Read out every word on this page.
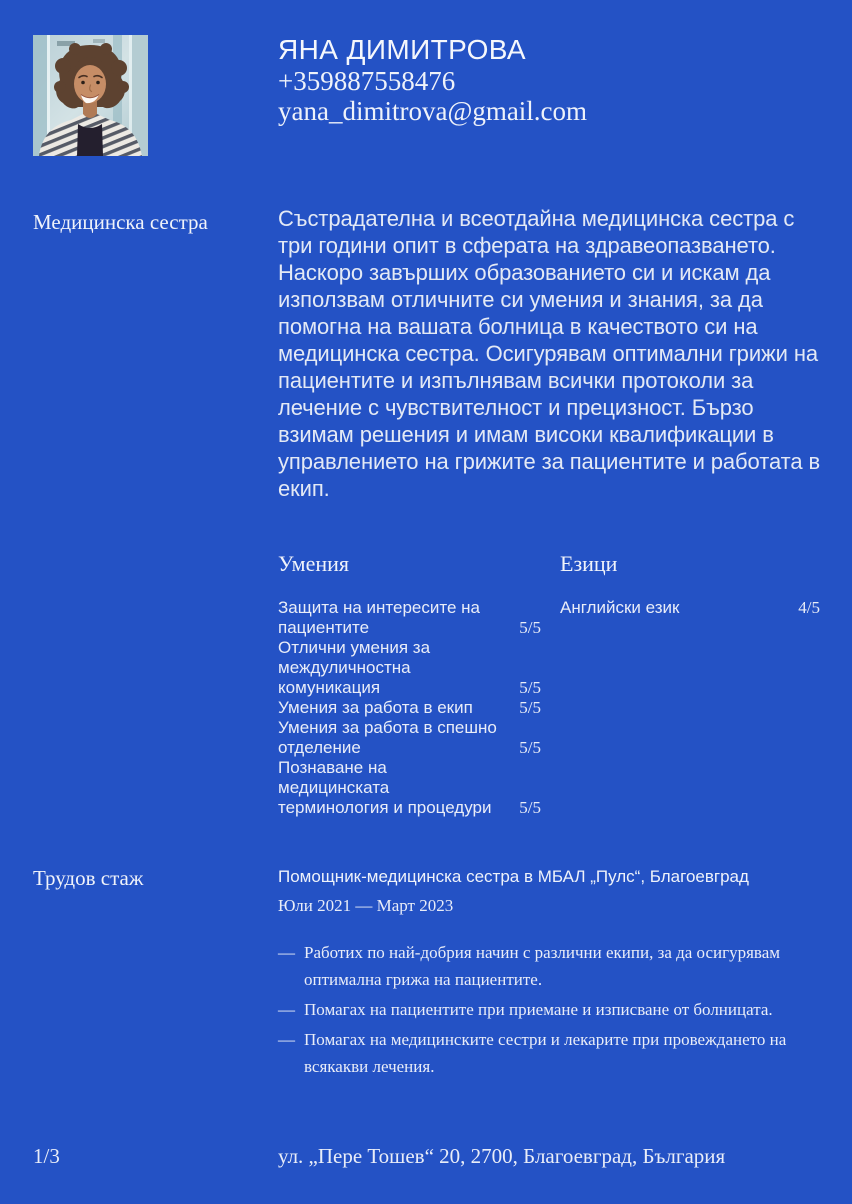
ЯНА ДИМИТРОВА
+359887558476
yana_dimitrova@gmail.com
Медицинска сестра	Състрадателна и всеотдайна медицинска сестра с три години опит в сферата на здравеопазването. Наскоро завърших образованието си и искам да използвам отличните си умения и знания, за да помогна на вашата болница в качеството си на медицинска сестра. Осигурявам оптимални грижи на пациентите и изпълнявам всички протоколи за лечение с чувствителност и прецизност. Бързо взимам решения и имам високи квалификации в управлението на грижите за пациентите и работата в екип.
Умения
Защита на интересите на пациентите	5/5
Отлични умения за междуличностна комуникация	5/5
Умения за работа в екип	5/5
Умения за работа в спешно отделение	5/5
Познаване на медицинската терминология и процедури	5/5
Езици
Английски език	4/5
Трудов стаж	Помощник-медицинска сестра в МБАЛ „Пулс“, Благоевград
Юли 2021 — Март 2023
— Работих по най-добрия начин с различни екипи, за да осигурявам оптимална грижа на пациентите.
— Помагах на пациентите при приемане и изписване от болницата.
— Помагах на медицинските сестри и лекарите при провеждането на всякакви лечения.
1/3	ул. „Пере Тошев“ 20, 2700, Благоевград, България
